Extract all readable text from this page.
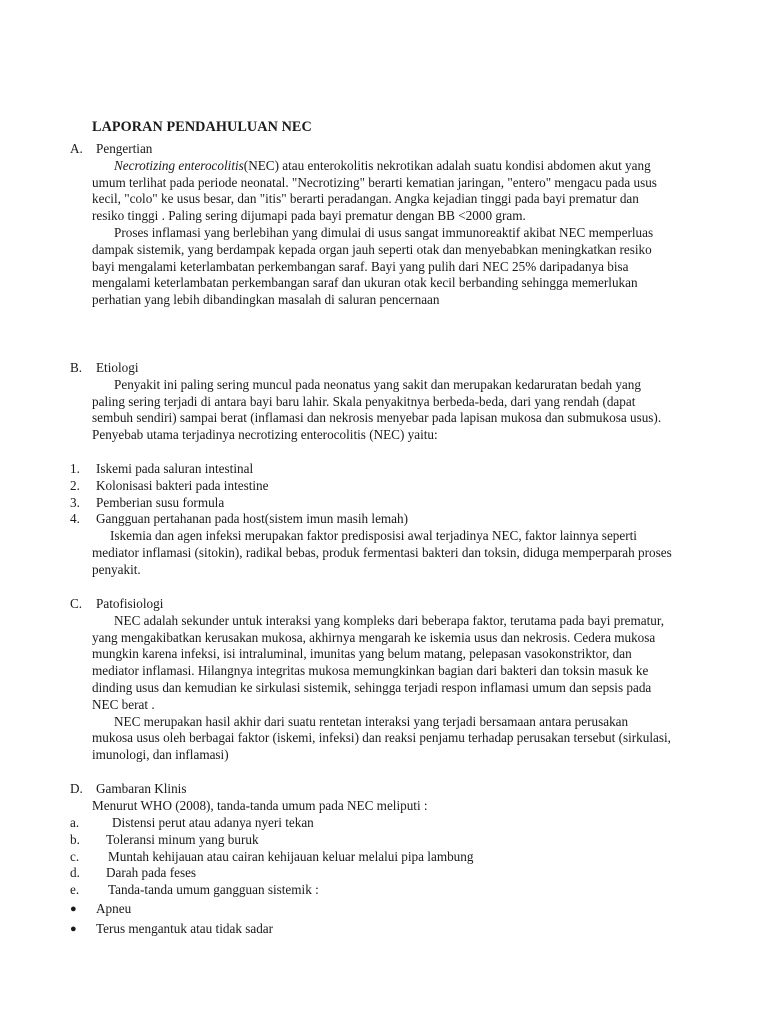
LAPORAN PENDAHULUAN NEC
A. Pengertian
Necrotizing enterocolitis(NEC) atau enterokolitis nekrotikan adalah suatu kondisi abdomen akut yang umum terlihat pada periode neonatal. "Necrotizing" berarti kematian jaringan, "entero" mengacu pada usus kecil, "colo" ke usus besar, dan "itis" berarti peradangan. Angka kejadian tinggi pada bayi prematur dan resiko tinggi . Paling sering dijumapi pada bayi prematur dengan BB <2000 gram.
Proses inflamasi yang berlebihan yang dimulai di usus sangat immunoreaktif akibat NEC memperluas dampak sistemik, yang berdampak kepada organ jauh seperti otak dan menyebabkan meningkatkan resiko bayi mengalami keterlambatan perkembangan saraf. Bayi yang pulih dari NEC 25% daripadanya bisa mengalami keterlambatan perkembangan saraf dan ukuran otak kecil berbanding sehingga memerlukan perhatian yang lebih dibandingkan masalah di saluran pencernaan
B.	Etiologi
Penyakit ini paling sering muncul pada neonatus yang sakit dan merupakan kedaruratan bedah yang paling sering terjadi di antara bayi baru lahir. Skala penyakitnya berbeda-beda, dari yang rendah (dapat sembuh sendiri) sampai berat (inflamasi dan nekrosis menyebar pada lapisan mukosa dan submukosa usus). Penyebab utama terjadinya necrotizing enterocolitis (NEC) yaitu:
1.	Iskemi pada saluran intestinal
2.	Kolonisasi bakteri pada intestine
3.	Pemberian susu formula
4.	Gangguan pertahanan pada host(sistem imun masih lemah)
Iskemia dan agen infeksi merupakan faktor predisposisi awal terjadinya NEC, faktor lainnya seperti mediator inflamasi (sitokin), radikal bebas, produk fermentasi bakteri dan toksin, diduga memperparah proses penyakit.
C.	Patofisiologi
NEC adalah sekunder untuk interaksi yang kompleks dari beberapa faktor, terutama pada bayi prematur, yang mengakibatkan kerusakan mukosa, akhirnya mengarah ke iskemia usus dan nekrosis. Cedera mukosa mungkin karena infeksi, isi intraluminal, imunitas yang belum matang, pelepasan vasokonstriktor, dan mediator inflamasi. Hilangnya integritas mukosa memungkinkan bagian dari bakteri dan toksin masuk ke dinding usus dan kemudian ke sirkulasi sistemik, sehingga terjadi respon inflamasi umum dan sepsis pada NEC berat .
NEC merupakan hasil akhir dari suatu rentetan interaksi yang terjadi bersamaan antara perusakan mukosa usus oleh berbagai faktor (iskemi, infeksi) dan reaksi penjamu terhadap perusakan tersebut (sirkulasi, imunologi, dan inflamasi)
D. Gambaran Klinis
Menurut WHO (2008), tanda-tanda umum pada NEC meliputi :
a.	Distensi perut atau adanya nyeri tekan
b.	Toleransi minum yang buruk
c.	Muntah kehijauan atau cairan kehijauan keluar melalui pipa lambung
d.	Darah pada feses
e.	Tanda-tanda umum gangguan sistemik :
●	Apneu
●	Terus mengantuk atau tidak sadar
